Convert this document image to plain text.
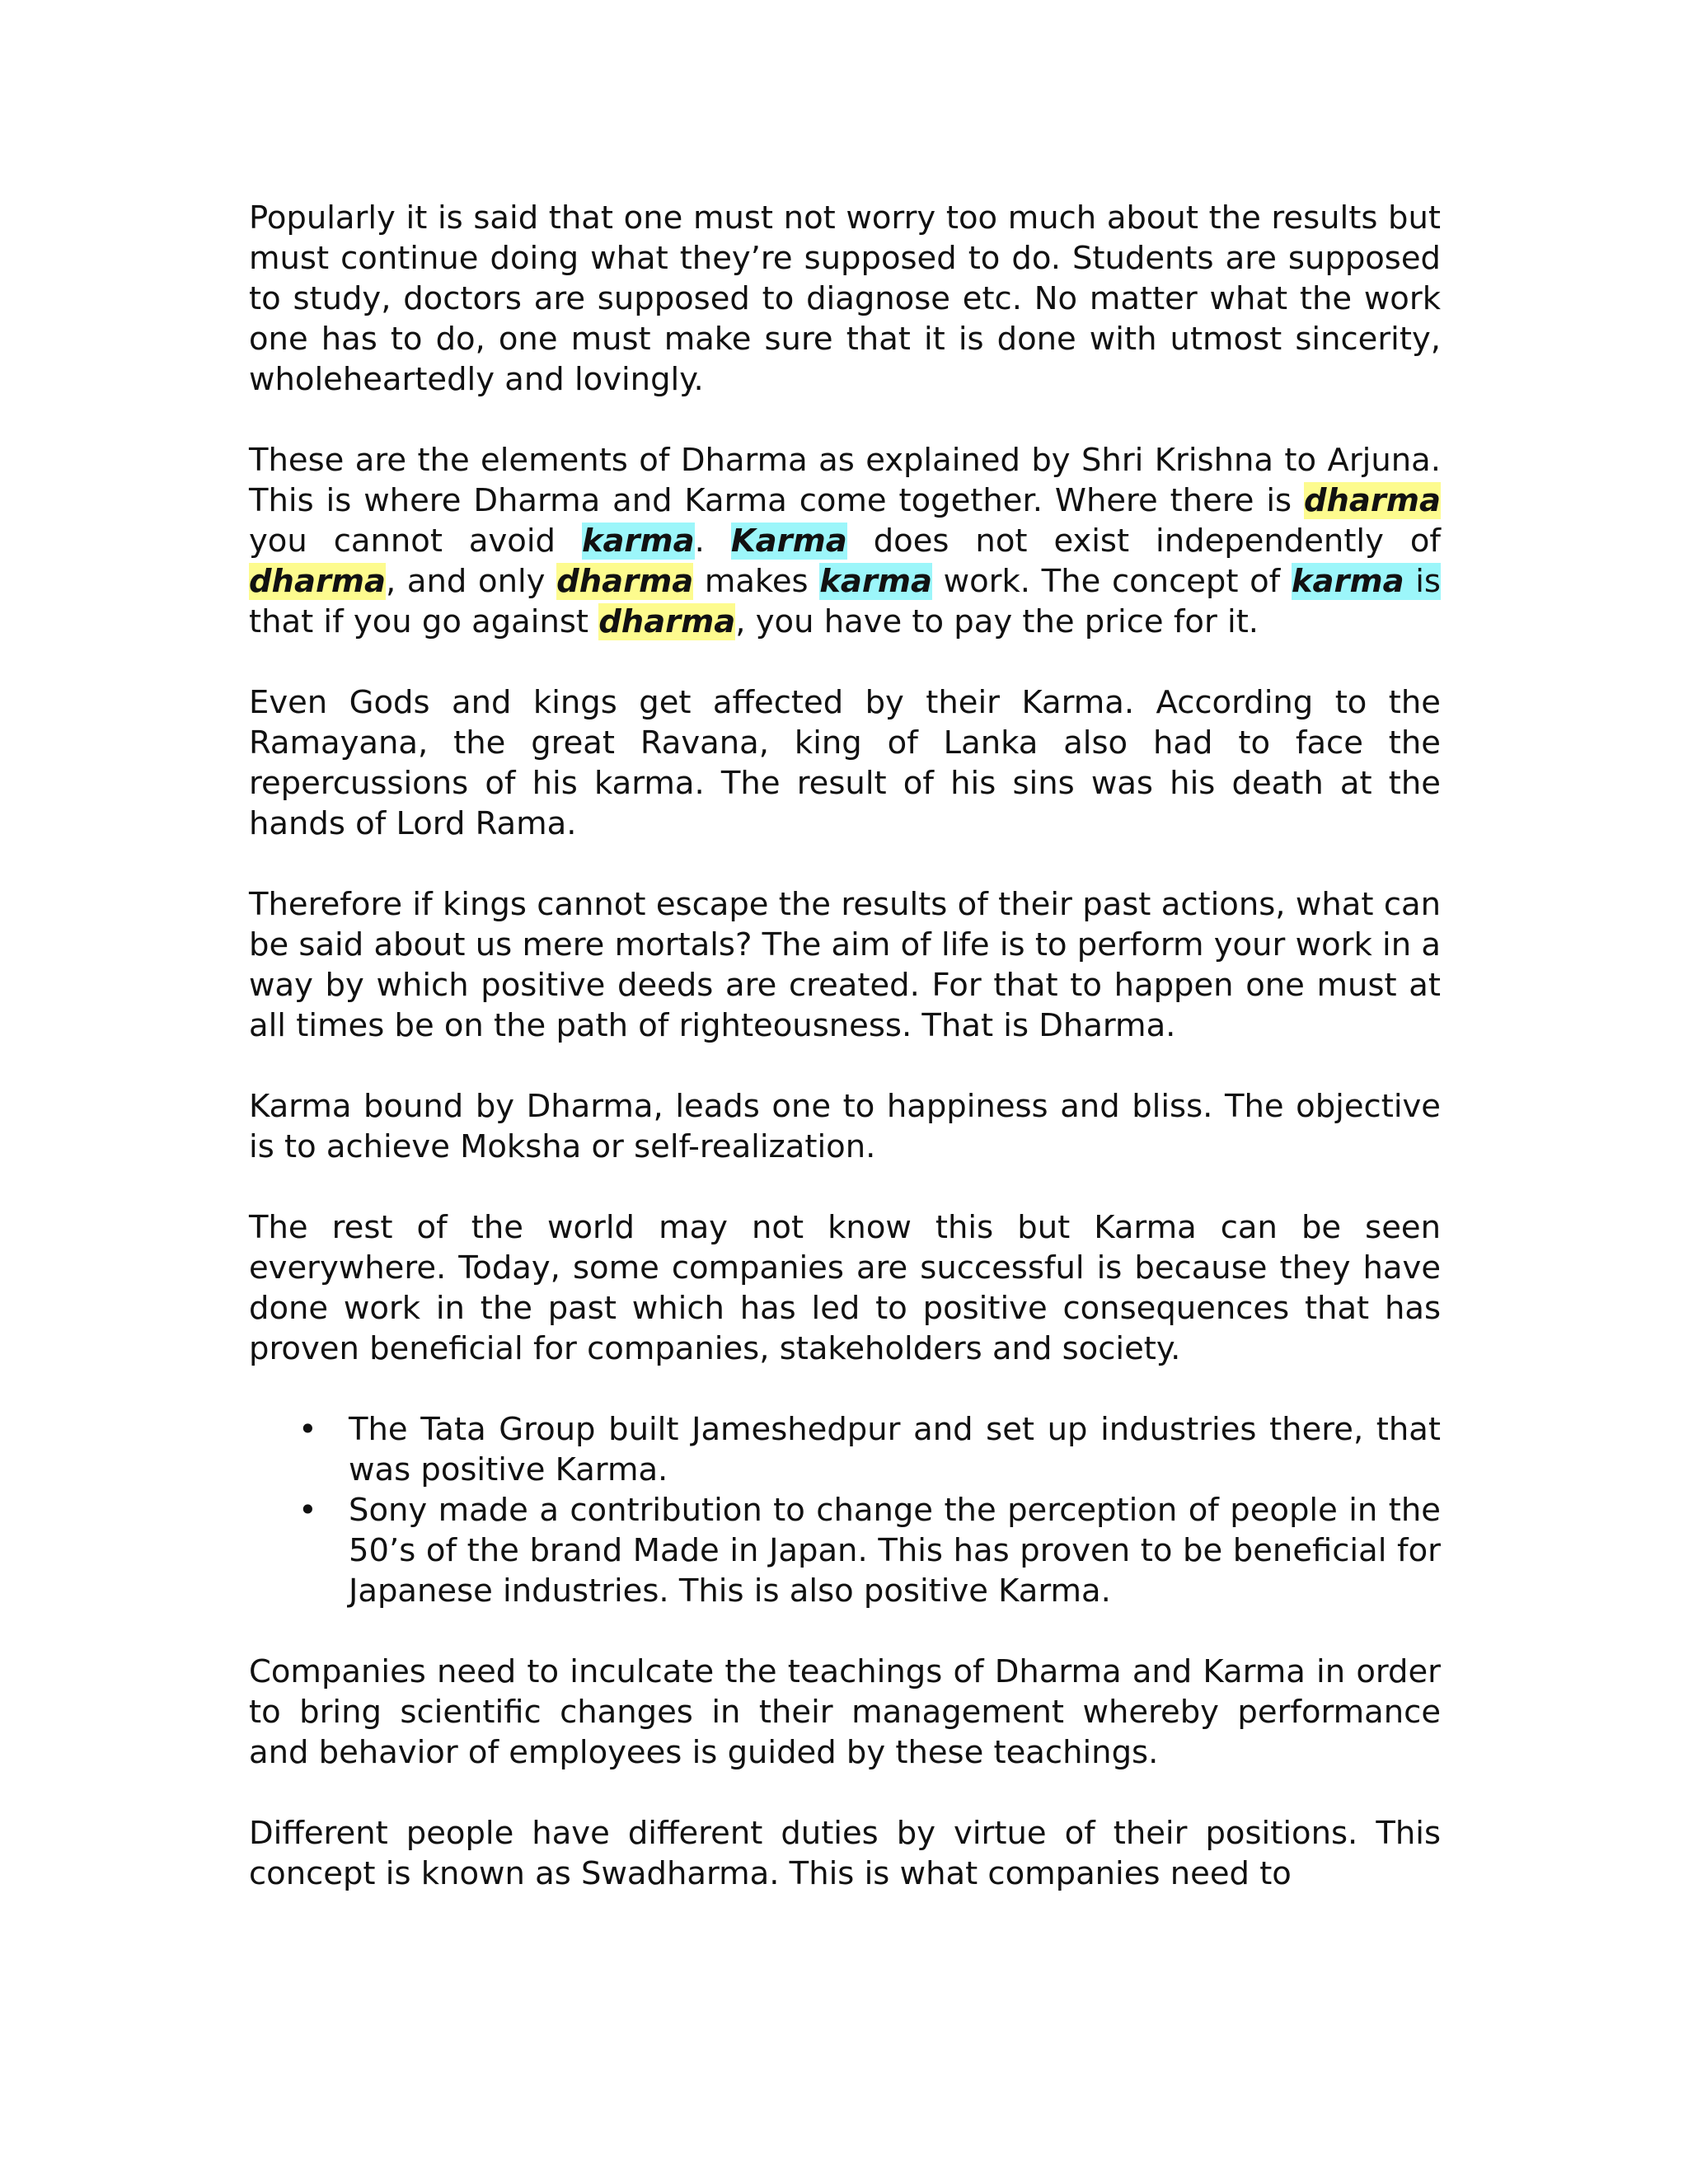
Popularly it is said that one must not worry too much about the results but must continue doing what they’re supposed to do. Students are supposed to study, doctors are supposed to diagnose etc. No matter what the work one has to do, one must make sure that it is done with utmost sincerity, wholeheartedly and lovingly.

These are the elements of Dharma as explained by Shri Krishna to Arjuna. This is where Dharma and Karma come together. Where there is dharma you cannot avoid karma. Karma does not exist independently of dharma, and only dharma makes karma work. The concept of karma is that if you go against dharma, you have to pay the price for it.

Even Gods and kings get affected by their Karma. According to the Ramayana, the great Ravana, king of Lanka also had to face the repercussions of his karma. The result of his sins was his death at the hands of Lord Rama.

Therefore if kings cannot escape the results of their past actions, what can be said about us mere mortals? The aim of life is to perform your work in a way by which positive deeds are created. For that to happen one must at all times be on the path of righteousness. That is Dharma.

Karma bound by Dharma, leads one to happiness and bliss. The objective is to achieve Moksha or self-realization.

The rest of the world may not know this but Karma can be seen everywhere. Today, some companies are successful is because they have done work in the past which has led to positive consequences that has proven beneficial for companies, stakeholders and society.

• The Tata Group built Jameshedpur and set up industries there, that was positive Karma.
• Sony made a contribution to change the perception of people in the 50’s of the brand Made in Japan. This has proven to be beneficial for Japanese industries. This is also positive Karma.

Companies need to inculcate the teachings of Dharma and Karma in order to bring scientific changes in their management whereby performance and behavior of employees is guided by these teachings.

Different people have different duties by virtue of their positions. This concept is known as Swadharma. This is what companies need to
